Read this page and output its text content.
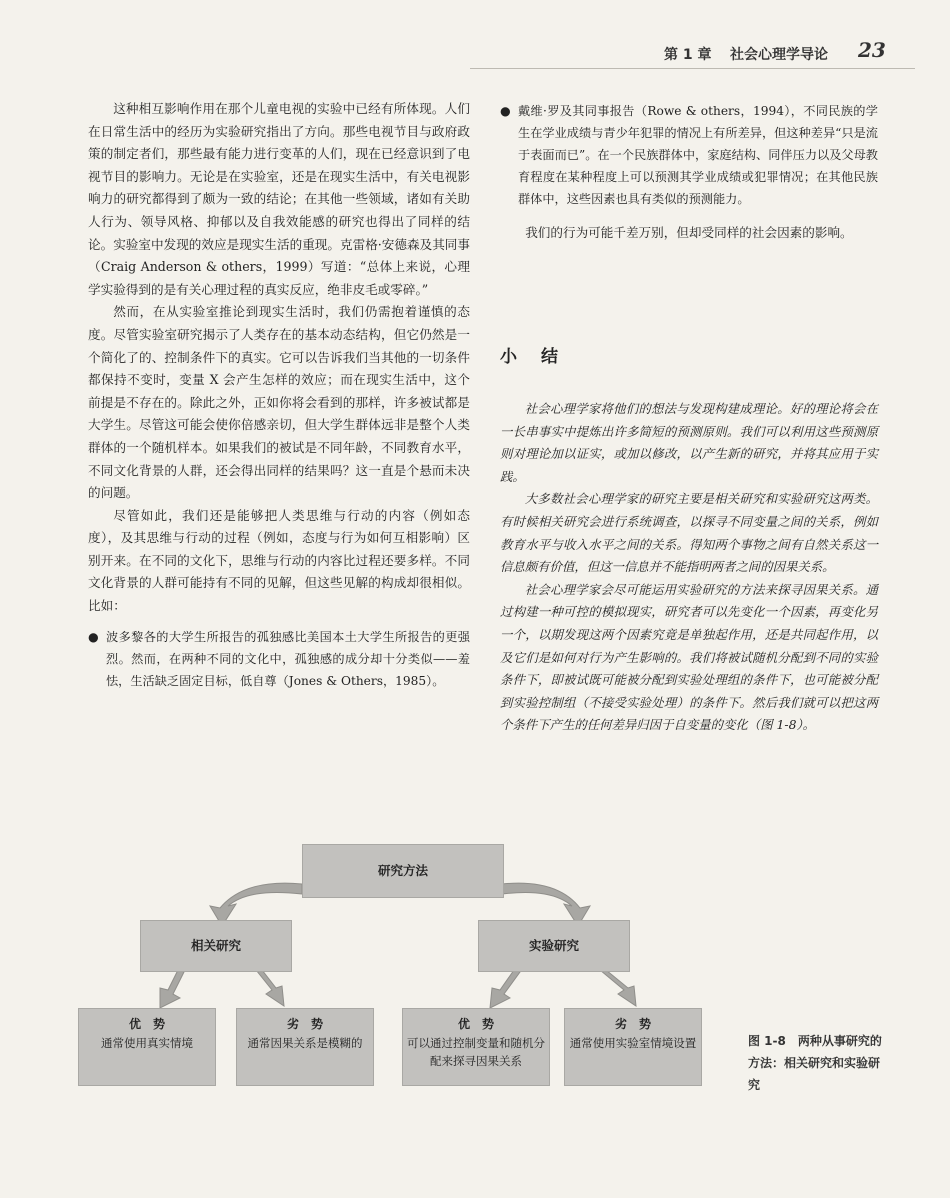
第 1 章 社会心理学导论 23

这种相互影响作用在那个儿童电视的实验中已经有所体现。人们在日常生活中的经历为实验研究指出了方向。那些电视节目与政府政策的制定者们，那些最有能力进行变革的人们，现在已经意识到了电视节目的影响力。无论是在实验室，还是在现实生活中，有关电视影响力的研究都得到了颇为一致的结论；在其他一些领域，诸如有关助人行为、领导风格、抑郁以及自我效能感的研究也得出了同样的结论。实验室中发现的效应是现实生活的重现。克雷格·安德森及其同事（Craig Anderson & others，1999）写道：“总体上来说，心理学实验得到的是有关心理过程的真实反应，绝非皮毛或零碎。”

然而，在从实验室推论到现实生活时，我们仍需抱着谨慎的态度。尽管实验室研究揭示了人类存在的基本动态结构，但它仍然是一个简化了的、控制条件下的真实。它可以告诉我们当其他的一切条件都保持不变时，变量 X 会产生怎样的效应；而在现实生活中，这个前提是不存在的。除此之外，正如你将会看到的那样，许多被试都是大学生。尽管这可能会使你倍感亲切，但大学生群体远非是整个人类群体的一个随机样本。如果我们的被试是不同年龄，不同教育水平，不同文化背景的人群，还会得出同样的结果吗？这一直是个悬而未决的问题。

尽管如此，我们还是能够把人类思维与行动的内容（例如态度），及其思维与行动的过程（例如，态度与行为如何互相影响）区别开来。在不同的文化下，思维与行动的内容比过程还要多样。不同文化背景的人群可能持有不同的见解，但这些见解的构成却很相似。比如：

● 波多黎各的大学生所报告的孤独感比美国本土大学生所报告的更强烈。然而，在两种不同的文化中，孤独感的成分却十分类似——羞怯，生活缺乏固定目标，低自尊（Jones & Others，1985）。
● 戴维·罗及其同事报告（Rowe & others，1994），不同民族的学生在学业成绩与青少年犯罪的情况上有所差异，但这种差异“只是流于表面而已”。在一个民族群体中，家庭结构、同伴压力以及父母教育程度在某种程度上可以预测其学业成绩或犯罪情况；在其他民族群体中，这些因素也具有类似的预测能力。

我们的行为可能千差万别，但却受同样的社会因素的影响。

小结

社会心理学家将他们的想法与发现构建成理论。好的理论将会在一长串事实中提炼出许多简短的预测原则。我们可以利用这些预测原则对理论加以证实，或加以修改，以产生新的研究，并将其应用于实践。

大多数社会心理学家的研究主要是相关研究和实验研究这两类。有时候相关研究会进行系统调查，以探寻不同变量之间的关系，例如教育水平与收入水平之间的关系。得知两个事物之间有自然关系这一信息颇有价值，但这一信息并不能指明两者之间的因果关系。

社会心理学家会尽可能运用实验研究的方法来探寻因果关系。通过构建一种可控的模拟现实，研究者可以先变化一个因素，再变化另一个，以期发现这两个因素究竟是单独起作用，还是共同起作用，以及它们是如何对行为产生影响的。我们将被试随机分配到不同的实验条件下，即被试既可能被分配到实验处理组的条件下，也可能被分配到实验控制组（不接受实验处理）的条件下。然后我们就可以把这两个条件下产生的任何差异归因于自变量的变化（图 1-8）。

研究方法
相关研究	实验研究
优　势
通常使用真实情境
劣　势
通常因果关系是模糊的
优　势
可以通过控制变量和随机分配来探寻因果关系
劣　势
通常使用实验室情境设置	图 1-8　两种从事研究的方法：相关研究和实验研究
